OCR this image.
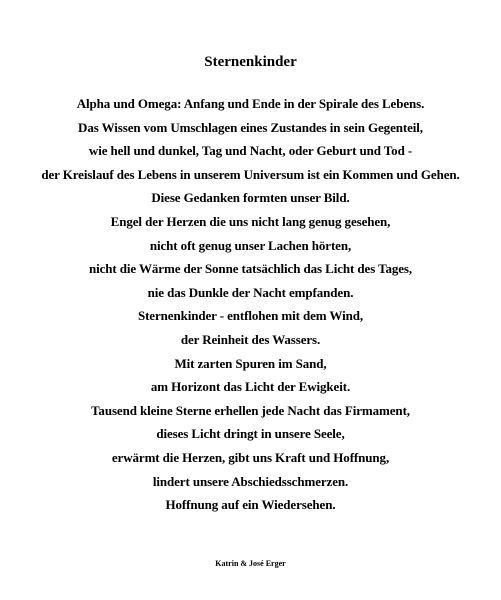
Sternenkinder
Alpha und Omega: Anfang und Ende in der Spirale des Lebens.
Das Wissen vom Umschlagen eines Zustandes in sein Gegenteil,
wie hell und dunkel, Tag und Nacht, oder Geburt und Tod -
der Kreislauf des Lebens in unserem Universum ist ein Kommen und Gehen.
Diese Gedanken formten unser Bild.
Engel der Herzen die uns nicht lang genug gesehen,
nicht oft genug unser Lachen hörten,
nicht die Wärme der Sonne tatsächlich das Licht des Tages,
nie das Dunkle der Nacht empfanden.
Sternenkinder - entflohen mit dem Wind,
der Reinheit des Wassers.
Mit zarten Spuren im Sand,
am Horizont das Licht der Ewigkeit.
Tausend kleine Sterne erhellen jede Nacht das Firmament,
dieses Licht dringt in unsere Seele,
erwärmt die Herzen, gibt uns Kraft und Hoffnung,
lindert unsere Abschiedsschmerzen.
Hoffnung auf ein Wiedersehen.
Katrin & José Erger
